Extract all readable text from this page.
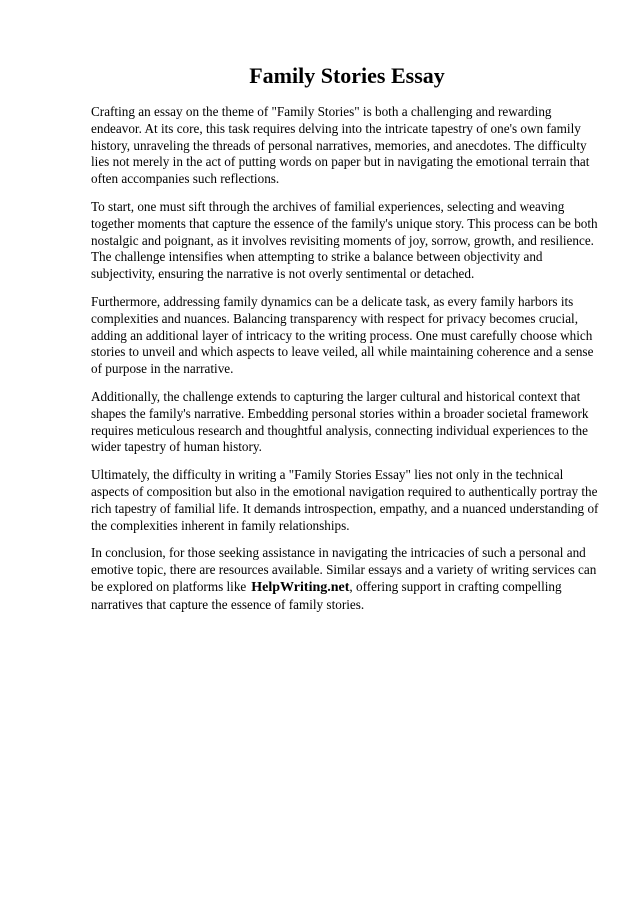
Family Stories Essay

Crafting an essay on the theme of "Family Stories" is both a challenging and rewarding endeavor. At its core, this task requires delving into the intricate tapestry of one's own family history, unraveling the threads of personal narratives, memories, and anecdotes. The difficulty lies not merely in the act of putting words on paper but in navigating the emotional terrain that often accompanies such reflections.

To start, one must sift through the archives of familial experiences, selecting and weaving together moments that capture the essence of the family's unique story. This process can be both nostalgic and poignant, as it involves revisiting moments of joy, sorrow, growth, and resilience. The challenge intensifies when attempting to strike a balance between objectivity and subjectivity, ensuring the narrative is not overly sentimental or detached.

Furthermore, addressing family dynamics can be a delicate task, as every family harbors its complexities and nuances. Balancing transparency with respect for privacy becomes crucial, adding an additional layer of intricacy to the writing process. One must carefully choose which stories to unveil and which aspects to leave veiled, all while maintaining coherence and a sense of purpose in the narrative.

Additionally, the challenge extends to capturing the larger cultural and historical context that shapes the family's narrative. Embedding personal stories within a broader societal framework requires meticulous research and thoughtful analysis, connecting individual experiences to the wider tapestry of human history.

Ultimately, the difficulty in writing a "Family Stories Essay" lies not only in the technical aspects of composition but also in the emotional navigation required to authentically portray the rich tapestry of familial life. It demands introspection, empathy, and a nuanced understanding of the complexities inherent in family relationships.

In conclusion, for those seeking assistance in navigating the intricacies of such a personal and emotive topic, there are resources available. Similar essays and a variety of writing services can be explored on platforms like HelpWriting.net, offering support in crafting compelling narratives that capture the essence of family stories.
